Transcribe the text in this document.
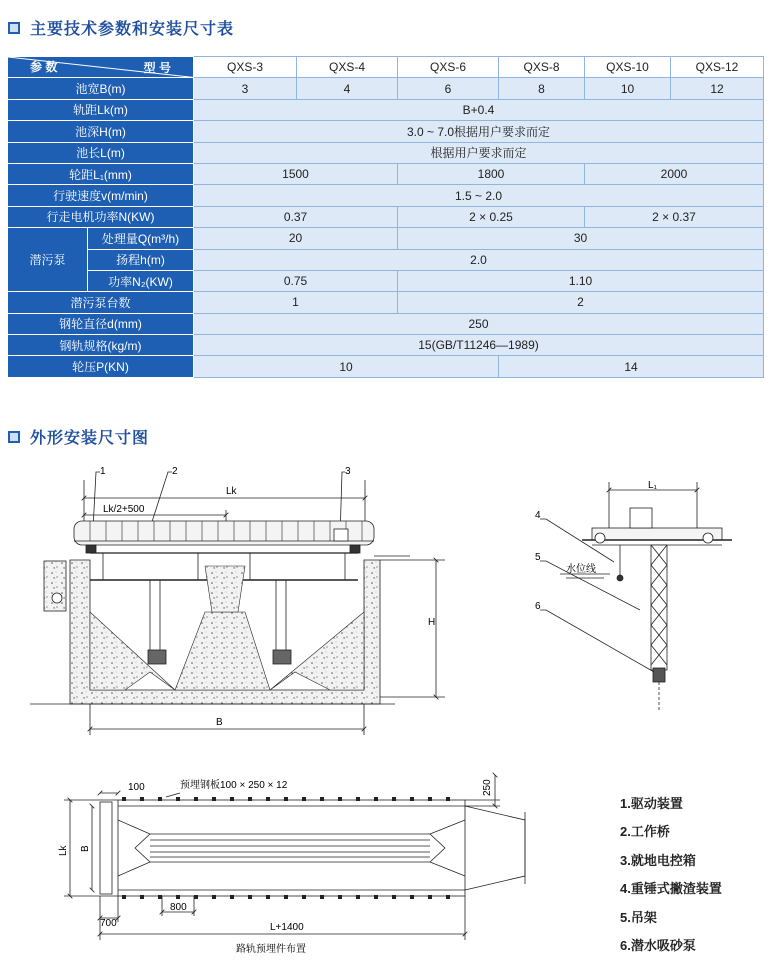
主要技术参数和安装尺寸表
参 数 型 号		QXS-3	QXS-4	QXS-6	QXS-8	QXS-10	QXS-12
池宽B(m)		3	4	6	8	10	12
轨距Lk(m)		B+0.4					
池深H(m)		3.0 ~ 7.0根据用户要求而定					
池长L(m)		根据用户要求而定					
轮距L₁(mm)		1500		1800		2000	
行驶速度v(m/min)		1.5 ~ 2.0					
行走电机功率N(KW)		0.37		2 × 0.25		2 × 0.37	
潜污泵	处理量Q(m³/h)	20		30			
	扬程h(m)	2.0					
	功率N₂(KW)	0.75		1.10			
潜污泵台数		1		2			
钢轮直径d(mm)		250					
钢轨规格(kg/m)		15(GB/T11246—1989)					
轮压P(KN)		10			14		
外形安装尺寸图
1	2	3
Lk
Lk/2+500
H
B
L₁
水位线
4
5
6
预埋钢板100 × 250 × 12
100	250
Lk B
700
800
L+1400
路轨预埋件布置
1.驱动装置
2.工作桥
3.就地电控箱
4.重锤式撇渣装置
5.吊架
6.潜水吸砂泵
